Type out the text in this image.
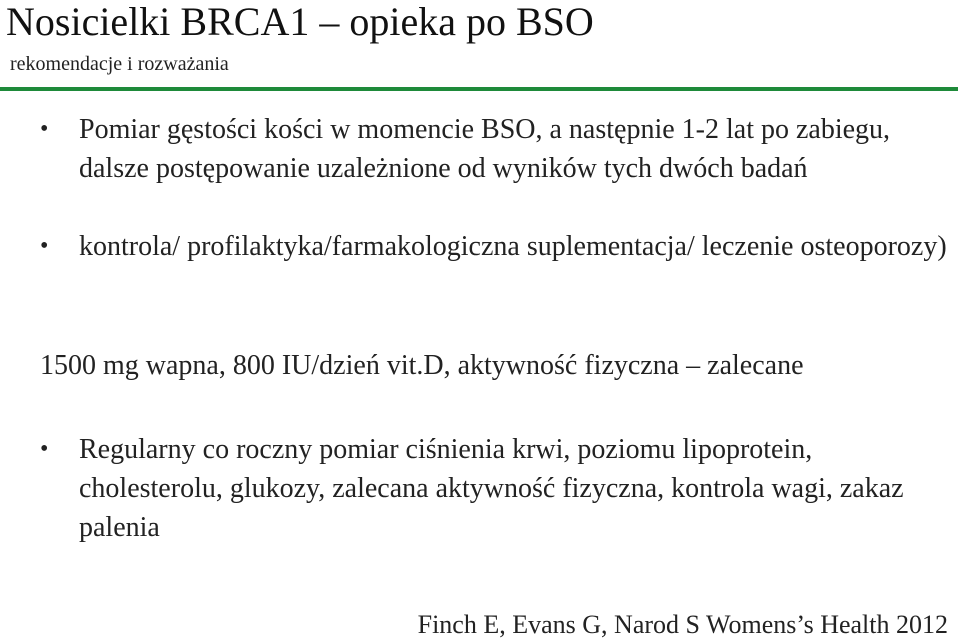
Nosicielki BRCA1 – opieka po BSO
rekomendacje i rozważania
• Pomiar gęstości kości w momencie BSO, a następnie 1-2 lat po zabiegu, dalsze postępowanie uzależnione od wyników tych dwóch badań
• kontrola/ profilaktyka/farmakologiczna suplementacja/ leczenie osteoporozy)
1500 mg wapna, 800 IU/dzień vit.D, aktywność fizyczna – zalecane
• Regularny co roczny pomiar ciśnienia krwi, poziomu lipoprotein, cholesterolu, glukozy, zalecana aktywność fizyczna, kontrola wagi, zakaz palenia
Finch E, Evans G, Narod S Womens’s Health 2012
